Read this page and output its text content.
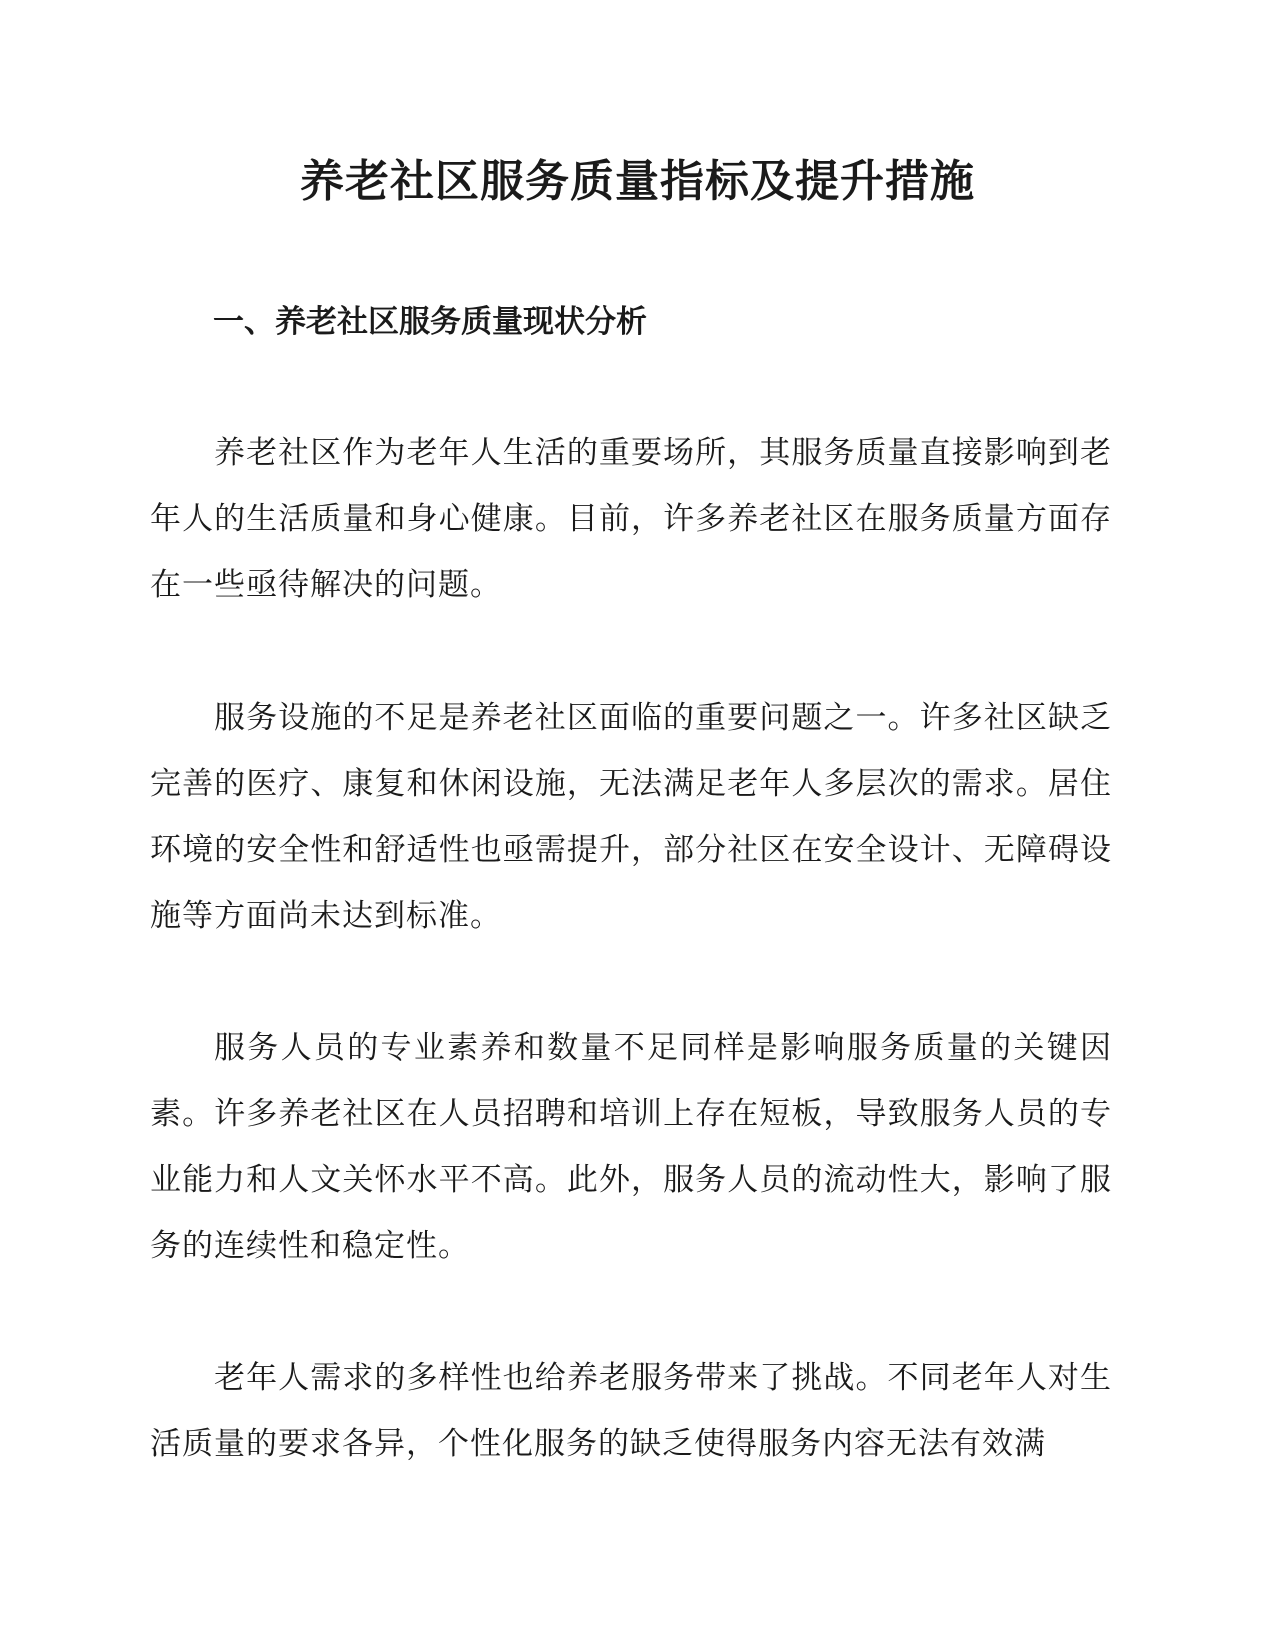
养老社区服务质量指标及提升措施
一、养老社区服务质量现状分析

养老社区作为老年人生活的重要场所，其服务质量直接影响到老年人的生活质量和身心健康。目前，许多养老社区在服务质量方面存在一些亟待解决的问题。

服务设施的不足是养老社区面临的重要问题之一。许多社区缺乏完善的医疗、康复和休闲设施，无法满足老年人多层次的需求。居住环境的安全性和舒适性也亟需提升，部分社区在安全设计、无障碍设施等方面尚未达到标准。

服务人员的专业素养和数量不足同样是影响服务质量的关键因素。许多养老社区在人员招聘和培训上存在短板，导致服务人员的专业能力和人文关怀水平不高。此外，服务人员的流动性大，影响了服务的连续性和稳定性。

老年人需求的多样性也给养老服务带来了挑战。不同老年人对生活质量的要求各异，个性化服务的缺乏使得服务内容无法有效满
